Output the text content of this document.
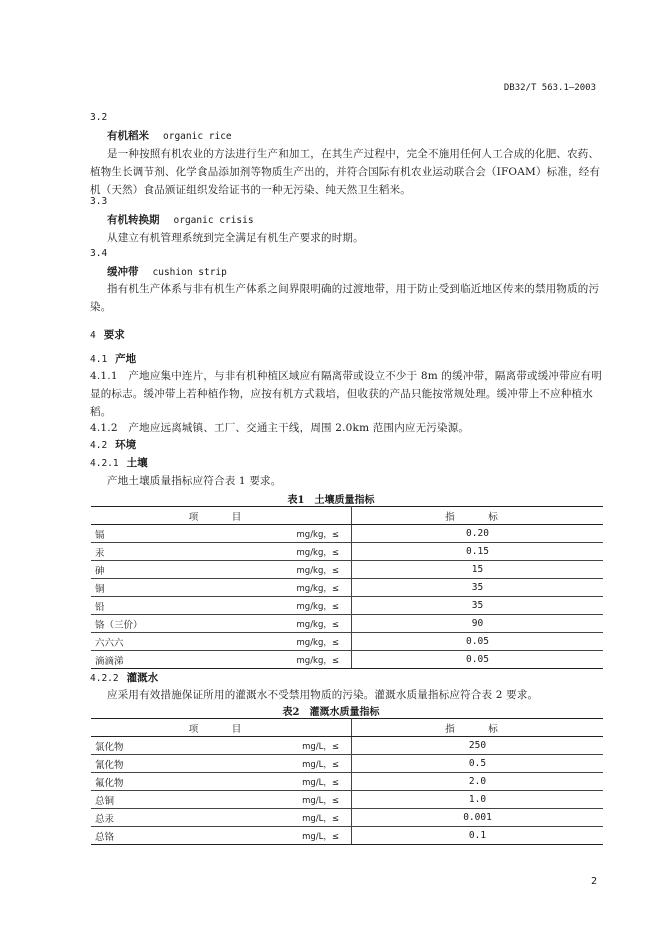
DB32/T 563.1—2003
3.2
有机稻米 organic rice
是一种按照有机农业的方法进行生产和加工，在其生产过程中，完全不施用任何人工合成的化肥、农药、植物生长调节剂、化学食品添加剂等物质生产出的，并符合国际有机农业运动联合会（IFOAM）标准，经有机（天然）食品颁证组织发给证书的一种无污染、纯天然卫生稻米。
3.3
有机转换期 organic crisis
从建立有机管理系统到完全满足有机生产要求的时期。
3.4
缓冲带 cushion strip
指有机生产体系与非有机生产体系之间界限明确的过渡地带，用于防止受到临近地区传来的禁用物质的污染。
4 要求
4.1 产地
4.1.1　产地应集中连片，与非有机种植区域应有隔离带或设立不少于 8m 的缓冲带，隔离带或缓冲带应有明显的标志。缓冲带上若种植作物，应按有机方式栽培，但收获的产品只能按常规处理。缓冲带上不应种植水稻。
4.1.2　产地应远离城镇、工厂、交通主干线，周围 2.0km 范围内应无污染源。
4.2 环境
4.2.1 土壤
产地土壤质量指标应符合表 1 要求。
表1　土壤质量指标
项　目		指　标
镉	mg/kg，≤	0.20
汞	mg/kg，≤	0.15
砷	mg/kg，≤	15
铜	mg/kg，≤	35
铅	mg/kg，≤	35
铬（三价）	mg/kg，≤	90
六六六	mg/kg，≤	0.05
滴滴涕	mg/kg，≤	0.05
4.2.2 灌溉水
应采用有效措施保证所用的灌溉水不受禁用物质的污染。灌溉水质量指标应符合表 2 要求。
表2　灌溉水质量指标
项　目		指　标
氯化物	mg/L，≤	250
氰化物	mg/L，≤	0.5
氟化物	mg/L，≤	2.0
总铜	mg/L，≤	1.0
总汞	mg/L，≤	0.001
总铬	mg/L，≤	0.1
2
